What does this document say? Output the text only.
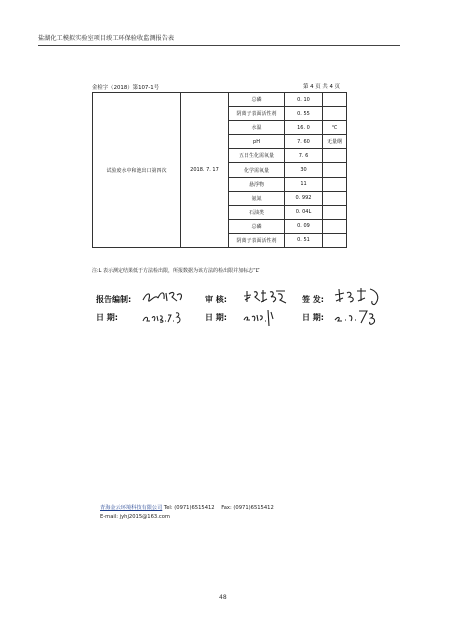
盐湖化工模拟实验室项目竣工环保验收监测报告表
金检字（2018）第107-1号	第 4 页 共 4 页
试验废水中和池出口第四次	2018. 7. 17	总磷	0. 10	
		阴离子表面活性剂	0. 55	
		水温	16. 0	℃
		pH	7. 60	无量纲
		五日生化需氧量	7. 6	
		化学需氧量	30	
		悬浮物	11	
		氨氮	0. 992	
		石油类	0. 04L	
		总磷	0. 09	
		阴离子表面活性剂	0. 51	
注:L 表示测定结果低于方法检出限，所报数据为该方法的检出限并加标志“L”
报告编制:
日 期:
审 核:
日 期:
签 发:
日 期:
青海金云环境科技有限公司 Tel: (0971)6515412 Fax: (0971)6515412
E-mail: jyhj2015@163.com
48
